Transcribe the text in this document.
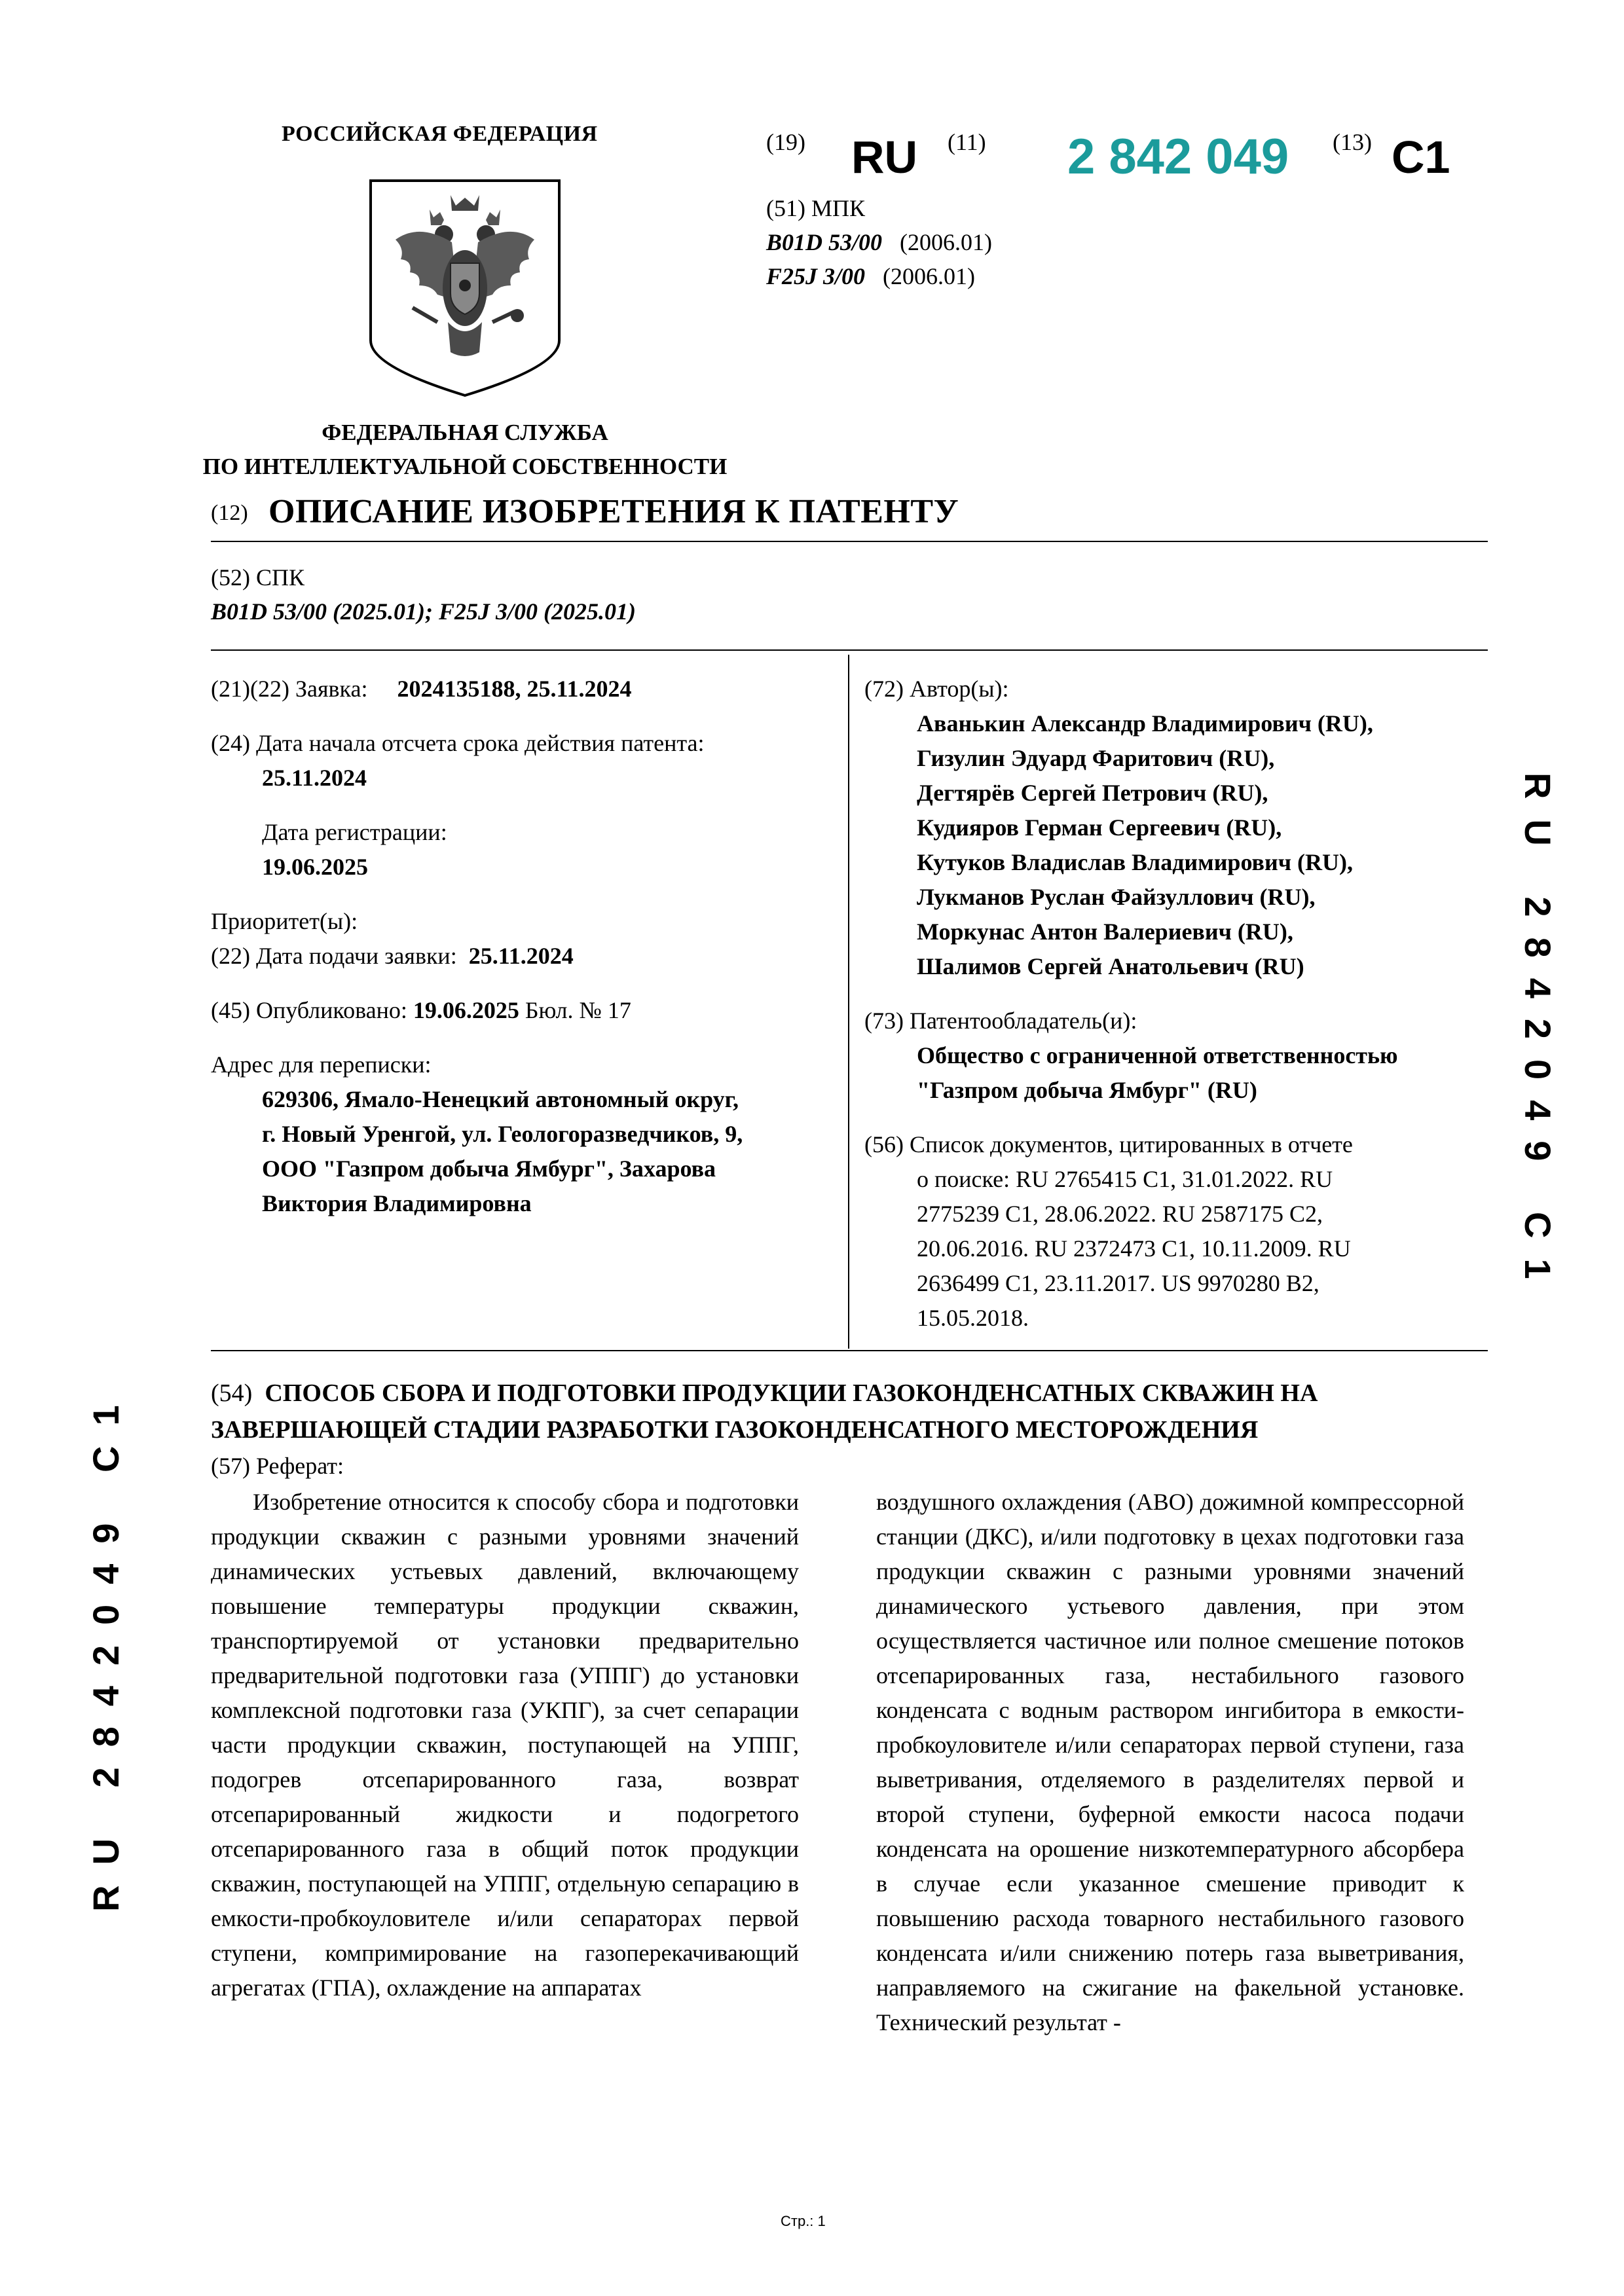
РОССИЙСКАЯ ФЕДЕРАЦИЯ
ФЕДЕРАЛЬНАЯ СЛУЖБА
ПО ИНТЕЛЛЕКТУАЛЬНОЙ СОБСТВЕННОСТИ
(19) RU (11) 2 842 049 (13) C1
(51) МПК
B01D 53/00 (2006.01)
F25J 3/00 (2006.01)
(12) ОПИСАНИЕ ИЗОБРЕТЕНИЯ К ПАТЕНТУ
(52) СПК
B01D 53/00 (2025.01); F25J 3/00 (2025.01)
(21)(22) Заявка: 2024135188, 25.11.2024
(24) Дата начала отсчета срока действия патента:
25.11.2024
Дата регистрации:
19.06.2025
Приоритет(ы):
(22) Дата подачи заявки: 25.11.2024
(45) Опубликовано: 19.06.2025 Бюл. № 17
Адрес для переписки:
629306, Ямало-Ненецкий автономный округ,
г. Новый Уренгой, ул. Геологоразведчиков, 9,
ООО "Газпром добыча Ямбург", Захарова
Виктория Владимировна
(72) Автор(ы):
Аванькин Александр Владимирович (RU),
Гизулин Эдуард Фаритович (RU),
Дегтярёв Сергей Петрович (RU),
Кудияров Герман Сергеевич (RU),
Кутуков Владислав Владимирович (RU),
Лукманов Руслан Файзуллович (RU),
Моркунас Антон Валериевич (RU),
Шалимов Сергей Анатольевич (RU)
(73) Патентообладатель(и):
Общество с ограниченной ответственностью
"Газпром добыча Ямбург" (RU)
(56) Список документов, цитированных в отчете
о поиске: RU 2765415 C1, 31.01.2022. RU
2775239 C1, 28.06.2022. RU 2587175 C2,
20.06.2016. RU 2372473 C1, 10.11.2009. RU
2636499 C1, 23.11.2017. US 9970280 B2,
15.05.2018.
(54) СПОСОБ СБОРА И ПОДГОТОВКИ ПРОДУКЦИИ ГАЗОКОНДЕНСАТНЫХ СКВАЖИН НА ЗАВЕРШАЮЩЕЙ СТАДИИ РАЗРАБОТКИ ГАЗОКОНДЕНСАТНОГО МЕСТОРОЖДЕНИЯ
(57) Реферат:

Изобретение относится к способу сбора и подготовки продукции скважин с разными уровнями значений динамических устьевых давлений, включающему повышение температуры продукции скважин, транспортируемой от установки предварительно предварительной подготовки газа (УППГ) до установки комплексной подготовки газа (УКПГ), за счет сепарации части продукции скважин, поступающей на УППГ, подогрев отсепарированного газа, возврат отсепарированный жидкости и подогретого отсепарированного газа в общий поток продукции скважин, поступающей на УППГ, отдельную сепарацию в емкости-пробкоуловителе и/или сепараторах первой ступени, компримирование на газоперекачивающий агрегатах (ГПА), охлаждение на аппаратах

воздушного охлаждения (АВО) дожимной компрессорной станции (ДКС), и/или подготовку в цехах подготовки газа продукции скважин с разными уровнями значений динамического устьевого давления, при этом осуществляется частичное или полное смешение потоков отсепарированных газа, нестабильного газового конденсата с водным раствором ингибитора в емкости-пробкоуловителе и/или сепараторах первой ступени, газа выветривания, отделяемого в разделителях первой и второй ступени, буферной емкости насоса подачи конденсата на орошение низкотемпературного абсорбера в случае если указанное смешение приводит к повышению расхода товарного нестабильного газового конденсата и/или снижению потерь газа выветривания, направляемого на сжигание на факельной установке. Технический результат -

RU 2842049 C1
RU 2842049 C1
Стр.: 1
